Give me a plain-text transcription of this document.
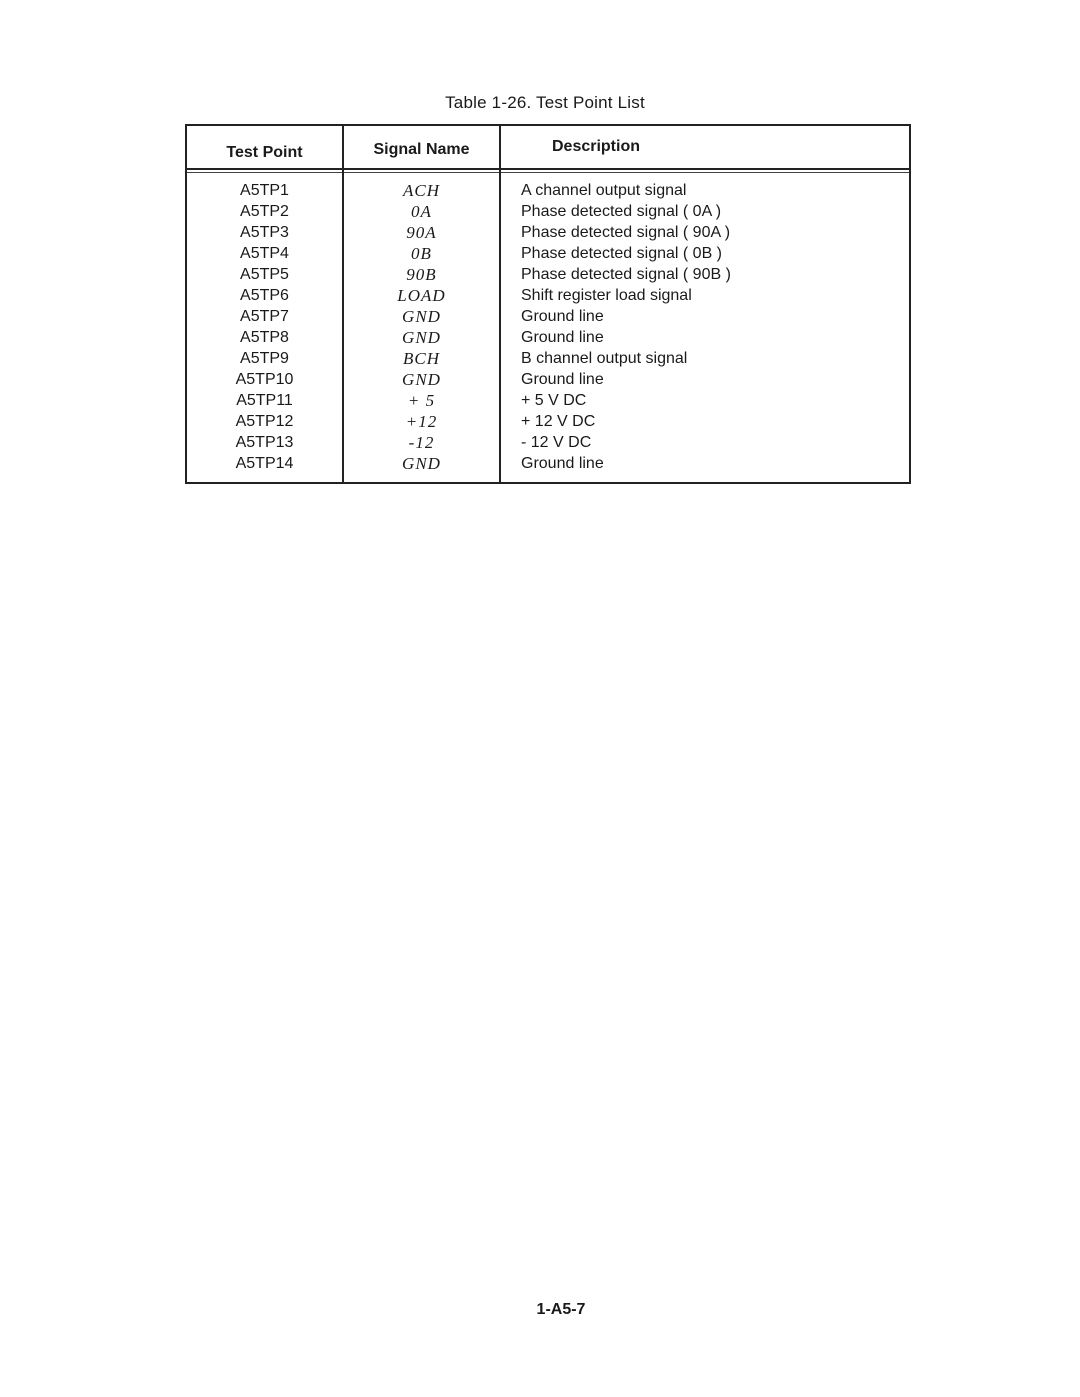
Table 1-26. Test Point List
Test Point	Signal Name	Description
A5TP1
A5TP2
A5TP3
A5TP4
A5TP5
A5TP6
A5TP7
A5TP8
A5TP9
A5TP10
A5TP11
A5TP12
A5TP13
A5TP14
ACH
0A
90A
0B
90B
LOAD
GND
GND
BCH
GND
+ 5
+12
-12
GND
A channel output signal
Phase detected signal ( 0A )
Phase detected signal ( 90A )
Phase detected signal ( 0B )
Phase detected signal ( 90B )
Shift register load signal
Ground line
Ground line
B channel output signal
Ground line
+ 5 V DC
+ 12 V DC
- 12 V DC
Ground line
1-A5-7
